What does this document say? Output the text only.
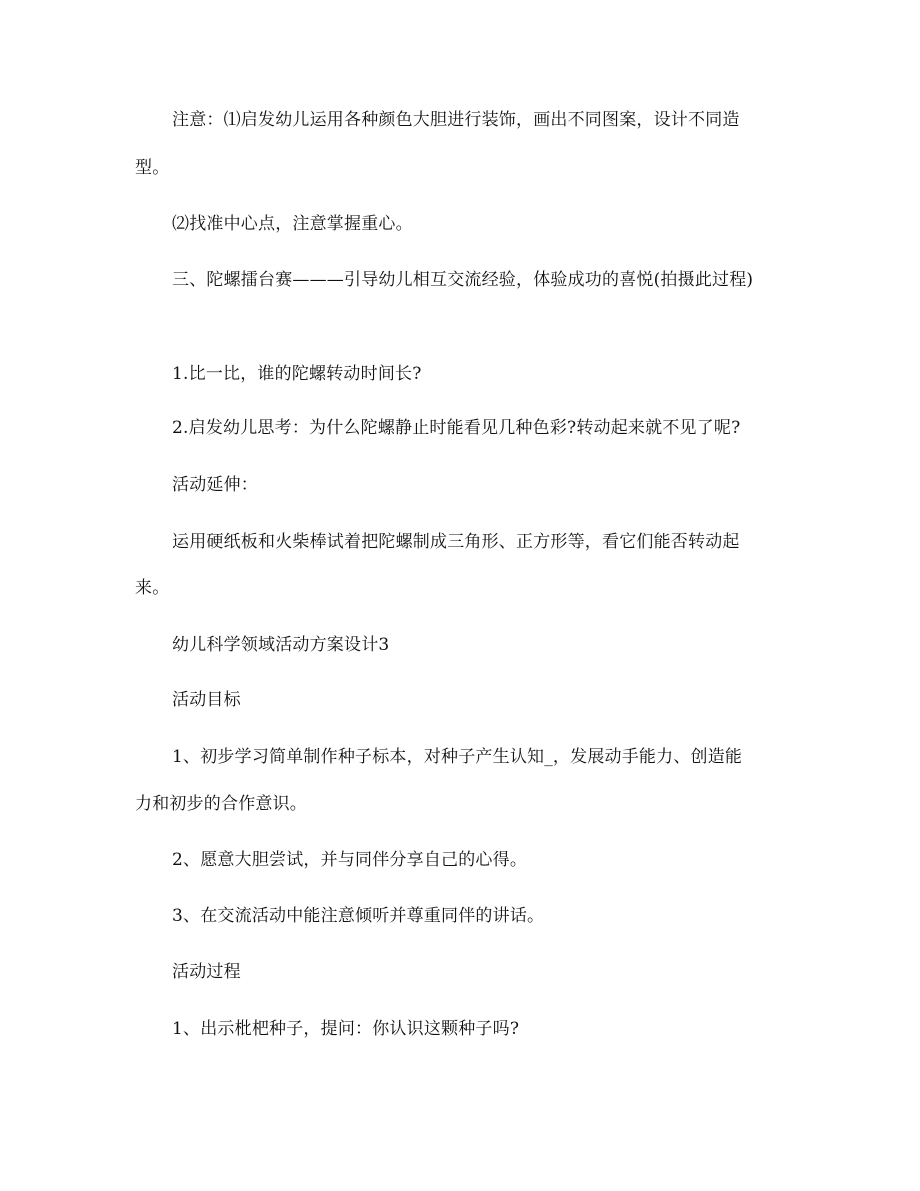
注意：⑴启发幼儿运用各种颜色大胆进行装饰，画出不同图案，设计不同造
型。
⑵找准中心点，注意掌握重心。
三、陀螺擂台赛———引导幼儿相互交流经验，体验成功的喜悦(拍摄此过程)
1.比一比，谁的陀螺转动时间长?
2.启发幼儿思考：为什么陀螺静止时能看见几种色彩?转动起来就不见了呢?
活动延伸：
运用硬纸板和火柴棒试着把陀螺制成三角形、正方形等，看它们能否转动起
来。
幼儿科学领域活动方案设计3
活动目标
1、初步学习简单制作种子标本，对种子产生认知_，发展动手能力、创造能
力和初步的合作意识。
2、愿意大胆尝试，并与同伴分享自己的心得。
3、在交流活动中能注意倾听并尊重同伴的讲话。
活动过程
1、出示枇杷种子，提问：你认识这颗种子吗?
